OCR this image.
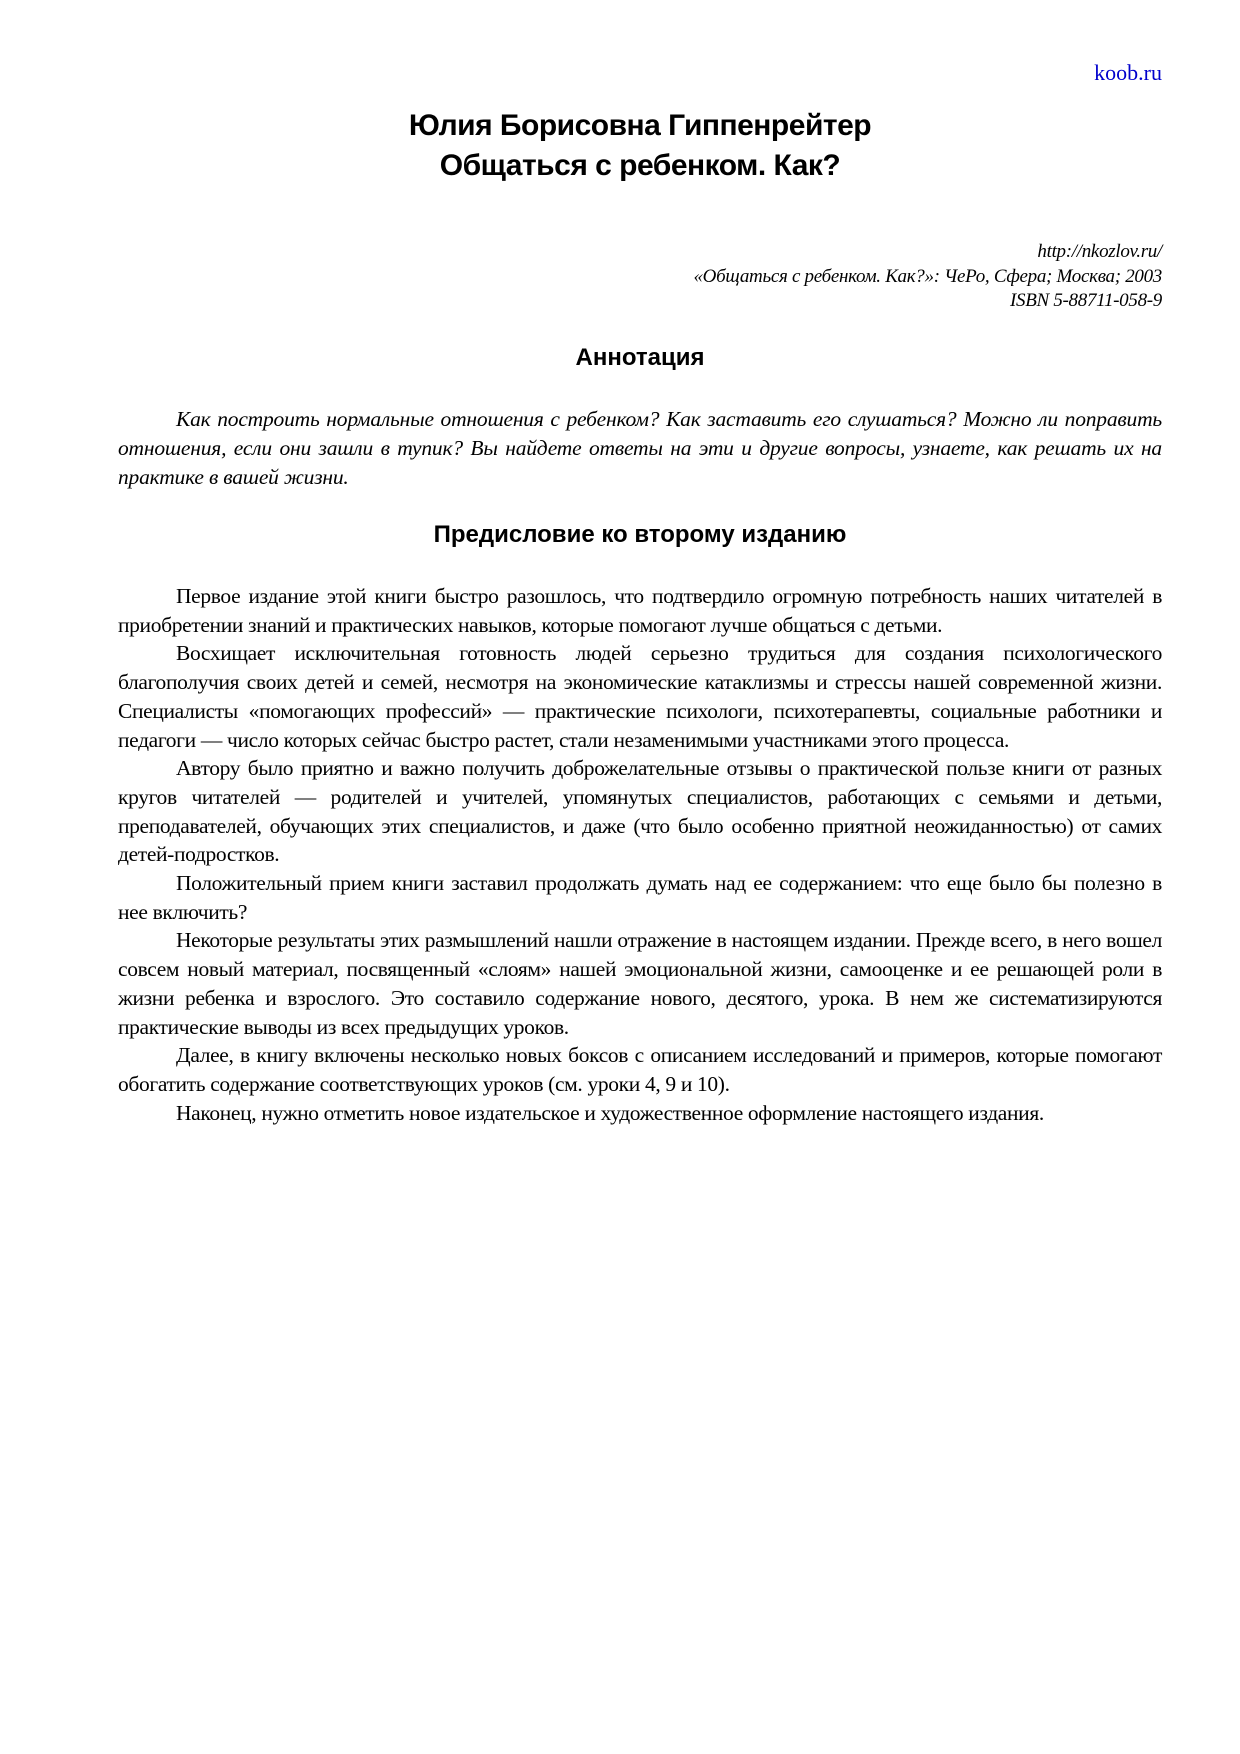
koob.ru
Юлия Борисовна Гиппенрейтер
Общаться с ребенком. Как?
http://nkozlov.ru/
«Общаться с ребенком. Как?»: ЧеРо, Сфера; Москва; 2003
ISBN 5-88711-058-9
Аннотация

Как построить нормальные отношения с ребенком? Как заставить его слушаться? Можно ли поправить отношения, если они зашли в тупик? Вы найдете ответы на эти и другие вопросы, узнаете, как решать их на практике в вашей жизни.

Предисловие ко второму изданию

Первое издание этой книги быстро разошлось, что подтвердило огромную потребность наших читателей в приобретении знаний и практических навыков, которые помогают лучше общаться с детьми.

Восхищает исключительная готовность людей серьезно трудиться для создания психологического благополучия своих детей и семей, несмотря на экономические катаклизмы и стрессы нашей современной жизни. Специалисты «помогающих профессий» — практические психологи, психотерапевты, социальные работники и педагоги — число которых сейчас быстро растет, стали незаменимыми участниками этого процесса.

Автору было приятно и важно получить доброжелательные отзывы о практической пользе книги от разных кругов читателей — родителей и учителей, упомянутых специалистов, работающих с семьями и детьми, преподавателей, обучающих этих специалистов, и даже (что было особенно приятной неожиданностью) от самих детей-подростков.

Положительный прием книги заставил продолжать думать над ее содержанием: что еще было бы полезно в нее включить?

Некоторые результаты этих размышлений нашли отражение в настоящем издании. Прежде всего, в него вошел совсем новый материал, посвященный «слоям» нашей эмоциональной жизни, самооценке и ее решающей роли в жизни ребенка и взрослого. Это составило содержание нового, десятого, урока. В нем же систематизируются практические выводы из всех предыдущих уроков.

Далее, в книгу включены несколько новых боксов с описанием исследований и примеров, которые помогают обогатить содержание соответствующих уроков (см. уроки 4, 9 и 10).

Наконец, нужно отметить новое издательское и художественное оформление настоящего издания.
